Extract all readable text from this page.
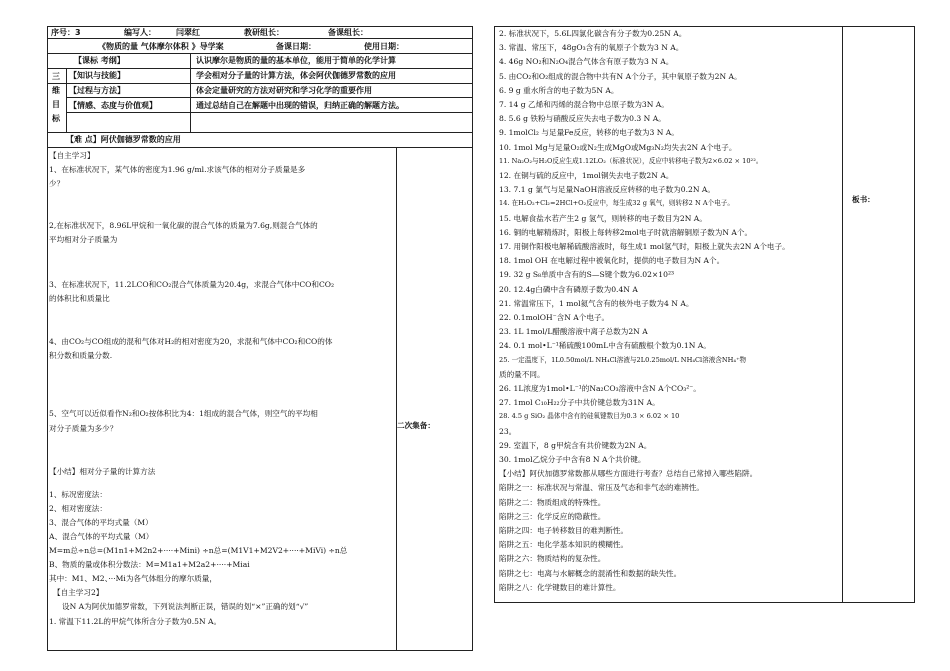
序号：3	编写人：	闫翠红	教研组长：	备课组长：
《物质的量 气体摩尔体积 》导学案	备课日期：	使用日期：
【课标 考纲】	认识摩尔是物质的量的基本单位，能用于简单的化学计算
三
维
目
标
【知识与技能】	学会相对分子量的计算方法，体会阿伏伽德罗常数的应用
【过程与方法】	体会定量研究的方法对研究和学习化学的重要作用
【情感、态度与价值观】	通过总结自己在解题中出现的错误，归纳正确的解题方法。
【难 点】阿伏伽德罗常数的应用
【自主学习】
1、在标准状况下，某气体的密度为1.96 g/ml.求该气体的相对分子质量是多
少？
2,在标准状况下，8.96L甲烷和一氧化碳的混合气体的质量为7.6g,则混合气体的
平均相对分子质量为
3、在标准状况下，11.2LCO和CO₂混合气体质量为20.4g，求混合气体中CO和CO₂
的体积比和质量比
4、由CO₂与CO组成的混和气体对H₂的相对密度为20，求混和气体中CO₂和CO的体
积分数和质量分数.
5、空气可以近似看作N₂和O₂按体积比为4：1组成的混合气体，则空气的平均相
对分子质量为多少？
【小结】相对分子量的计算方法
1、标况密度法：
2、相对密度法：
3、混合气体的平均式量（M）
A、混合气体的平均式量（M）
M=m总÷n总=(M1n1+M2n2+····+Mini) ÷n总=(M1V1+M2V2+····+MiVi) ÷n总
B、物质的量或体积分数法：M=M1a1+M2a2+····+Miai
其中：M1、M2、···Mi为各气体组分的摩尔质量，
【自主学习2】
设N A为阿伏加德罗常数，下列说法判断正误，错误的划“×”正确的划“√”
1. 常温下11.2L的甲烷气体所含分子数为0.5N A。
二次集备：
2. 标准状况下，5.6L四氯化碳含有分子数为0.25N A。
3. 常温、常压下，48gO₃含有的氧原子个数为3 N A。
4. 46g NO₂和N₂O₄混合气体含有原子数为3 N A。
5. 由CO₂和O₂组成的混合物中共有N A个分子，其中氧原子数为2N A。
6. 9 g 重水所含的电子数为5N A。
7. 14 g 乙烯和丙烯的混合物中总原子数为3N A。
8. 5.6 g 铁粉与硝酸反应失去电子数为0.3 N A。
9. 1molCl₂ 与足量Fe反应，转移的电子数为3 N A。
10. 1mol Mg与足量O₂或N₂生成MgO或Mg₃N₂均失去2N A个电子。
11. Na₂O₂与H₂O反应生成1.12LO₂（标准状况），反应中转移电子数为2×6.02 × 10²²。
12. 在铜与硫的反应中，1mol铜失去电子数2N A。
13. 7.1 g 氯气与足量NaOH溶液反应转移的电子数为0.2N A。
14. 在H₂O₂+Cl₂=2HCl+O₂反应中，每生成32 g 氧气，则转移2 N A个电子。
15. 电解食盐水若产生2 g 氢气，则转移的电子数目为2N A。
16. 铜的电解精炼时，阳极上每转移2mol电子时就溶解铜原子数为N A个。
17. 用铜作阳极电解稀硫酸溶液时，每生成1 mol氢气时，阳极上就失去2N A个电子。
18. 1mol OH 在电解过程中被氧化时，提供的电子数目为N A个。
19. 32 g S₈单质中含有的S—S键个数为6.02×10²³
20. 12.4g白磷中含有磷原子数为0.4N A
21. 常温常压下，1 mol氦气含有的核外电子数为4 N A。
22. 0.1molOH⁻含N A个电子。
23. 1L 1mol/L醋酸溶液中离子总数为2N A
24. 0.1 mol•L⁻¹稀硫酸100mL中含有硫酸根个数为0.1N A。
25. 一定温度下，1L0.50mol/L NH₄Cl溶液与2L0.25mol/L NH₄Cl溶液含NH₄⁺物
质的量不同。
26. 1L浓度为1mol•L⁻¹的Na₂CO₃溶液中含N A个CO₃²⁻。
27. 1mol C₁₀H₂₂分子中共价键总数为31N A。
28. 4.5 g SiO₂ 晶体中含有的硅氧键数目为0.3 × 6.02 × 10
23。
29. 室温下，8 g甲烷含有共价键数为2N A。
30. 1mol乙烷分子中含有8 N A个共价键。
【小结】阿伏加德罗常数都从哪些方面进行考查？总结自己常掉入哪些陷阱。
陷阱之一：标准状况与常温、常压及气态和非气态的难辨性。
陷阱之二：物质组成的特殊性。
陷阱之三：化学反应的隐蔽性。
陷阱之四：电子转移数目的难判断性。
陷阱之五：电化学基本知识的模糊性。
陷阱之六：物质结构的复杂性。
陷阱之七：电离与水解概念的混淆性和数据的缺失性。
陷阱之八：化学键数目的难计算性。
板书：
